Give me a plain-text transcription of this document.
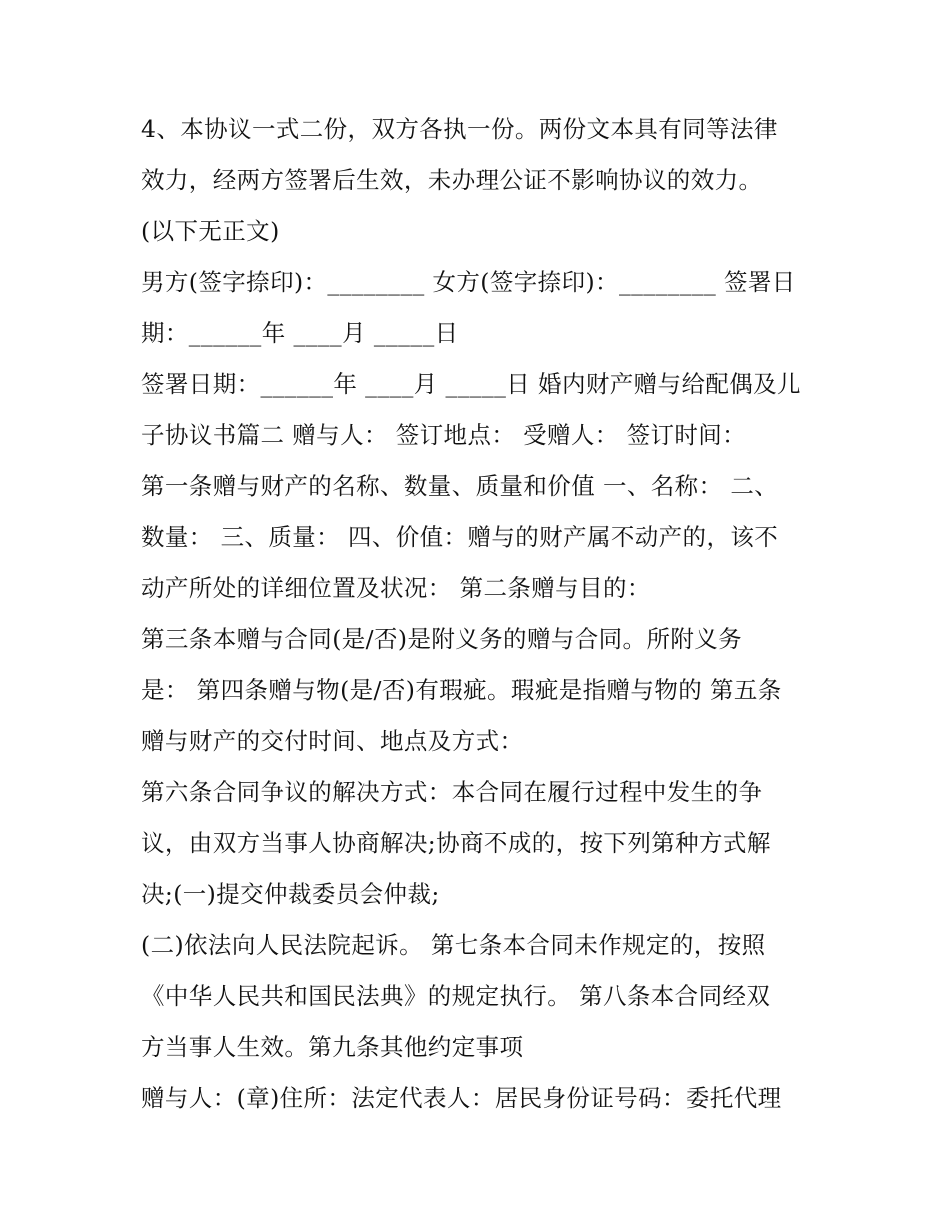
4、本协议一式二份，双方各执一份。两份文本具有同等法律
效力，经两方签署后生效，未办理公证不影响协议的效力。
(以下无正文)
男方(签字捺印)：________ 女方(签字捺印)：________ 签署日
期：______年 ____月 _____日
签署日期：______年 ____月 _____日 婚内财产赠与给配偶及儿
子协议书篇二 赠与人： 签订地点： 受赠人： 签订时间：
第一条赠与财产的名称、数量、质量和价值 一、名称： 二、
数量： 三、质量： 四、价值：赠与的财产属不动产的，该不
动产所处的详细位置及状况： 第二条赠与目的：
第三条本赠与合同(是/否)是附义务的赠与合同。所附义务
是： 第四条赠与物(是/否)有瑕疵。瑕疵是指赠与物的 第五条
赠与财产的交付时间、地点及方式：
第六条合同争议的解决方式：本合同在履行过程中发生的争
议，由双方当事人协商解决;协商不成的，按下列第种方式解
决;(一)提交仲裁委员会仲裁;
(二)依法向人民法院起诉。 第七条本合同未作规定的，按照
《中华人民共和国民法典》的规定执行。 第八条本合同经双
方当事人生效。第九条其他约定事项
赠与人：(章)住所：法定代表人：居民身份证号码：委托代理
